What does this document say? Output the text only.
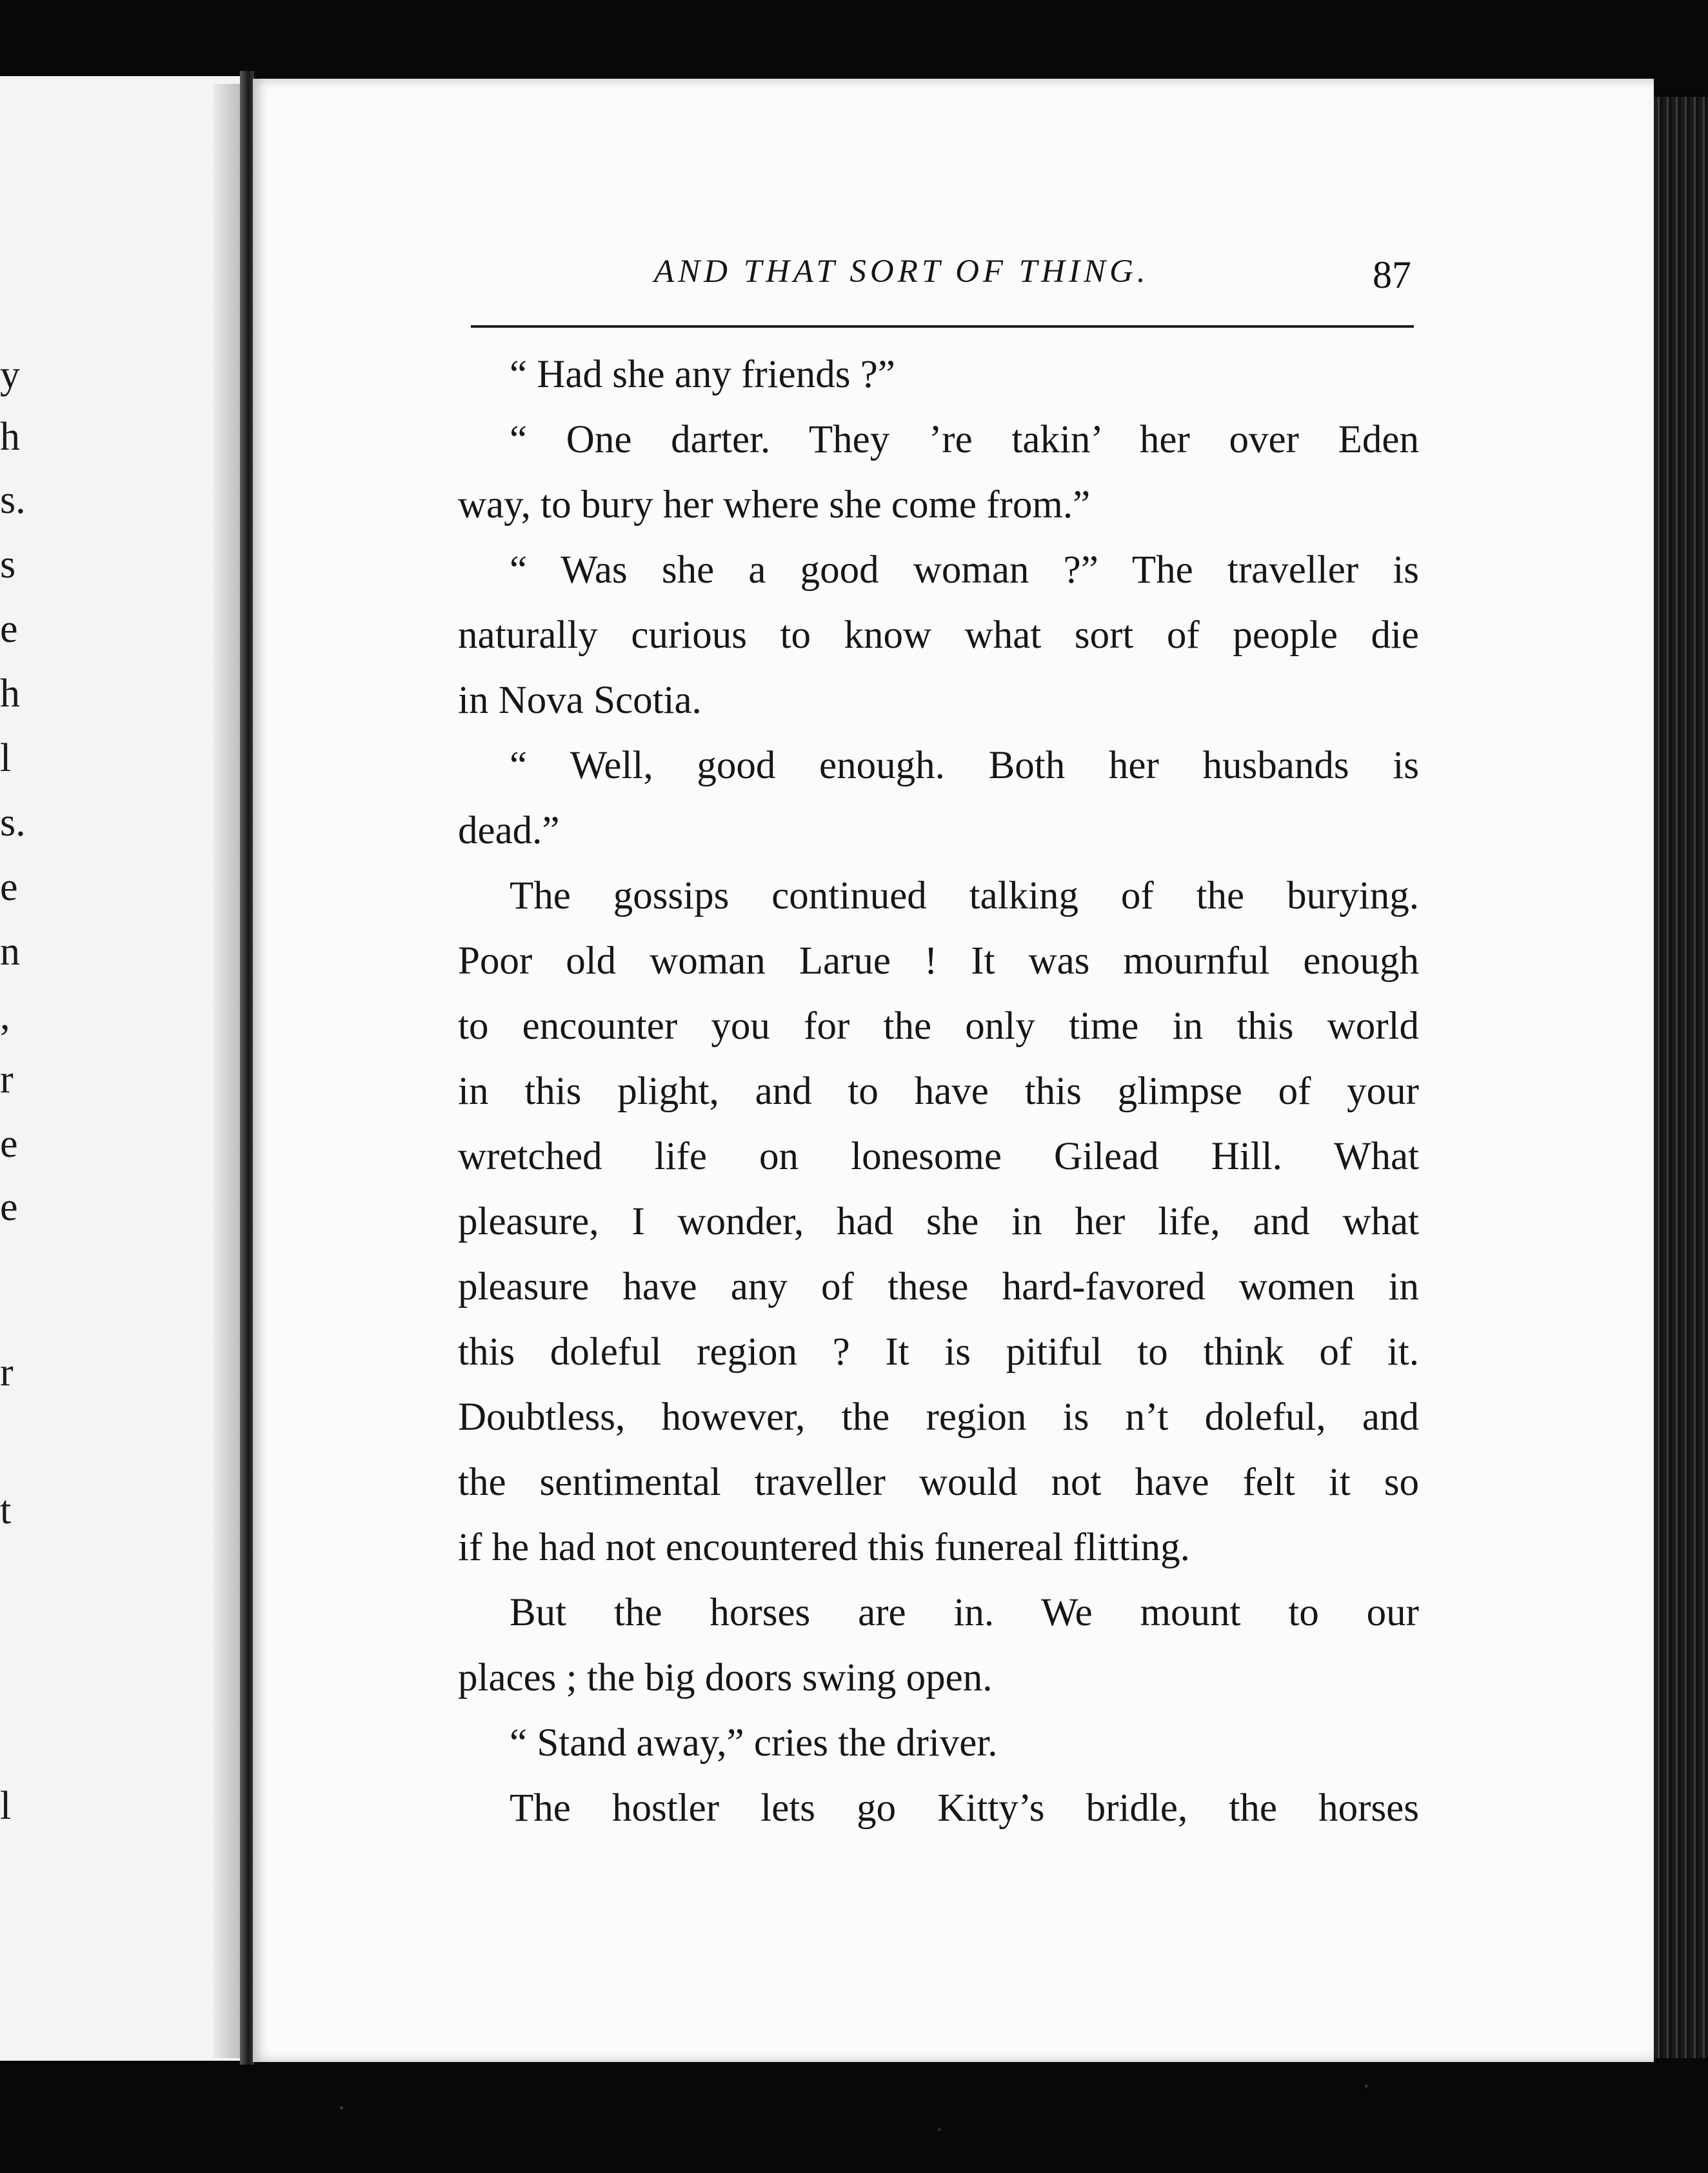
y
h
s.
s
e
h
l
s.
e
n
,
r
e
e
r
t
l
AND THAT SORT OF THING.	87
“ Had she any friends ?”
“ One darter. They ’re takin’ her over Eden
way, to bury her where she come from.”
“ Was she a good woman ?” The traveller is
naturally curious to know what sort of people die
in Nova Scotia.
“ Well, good enough. Both her husbands is
dead.”
The gossips continued talking of the burying.
Poor old woman Larue ! It was mournful enough
to encounter you for the only time in this world
in this plight, and to have this glimpse of your
wretched life on lonesome Gilead Hill. What
pleasure, I wonder, had she in her life, and what
pleasure have any of these hard-favored women in
this doleful region ? It is pitiful to think of it.
Doubtless, however, the region is n’t doleful, and
the sentimental traveller would not have felt it so
if he had not encountered this funereal flitting.
But the horses are in. We mount to our
places ; the big doors swing open.
“ Stand away,” cries the driver.
The hostler lets go Kitty’s bridle, the horses
